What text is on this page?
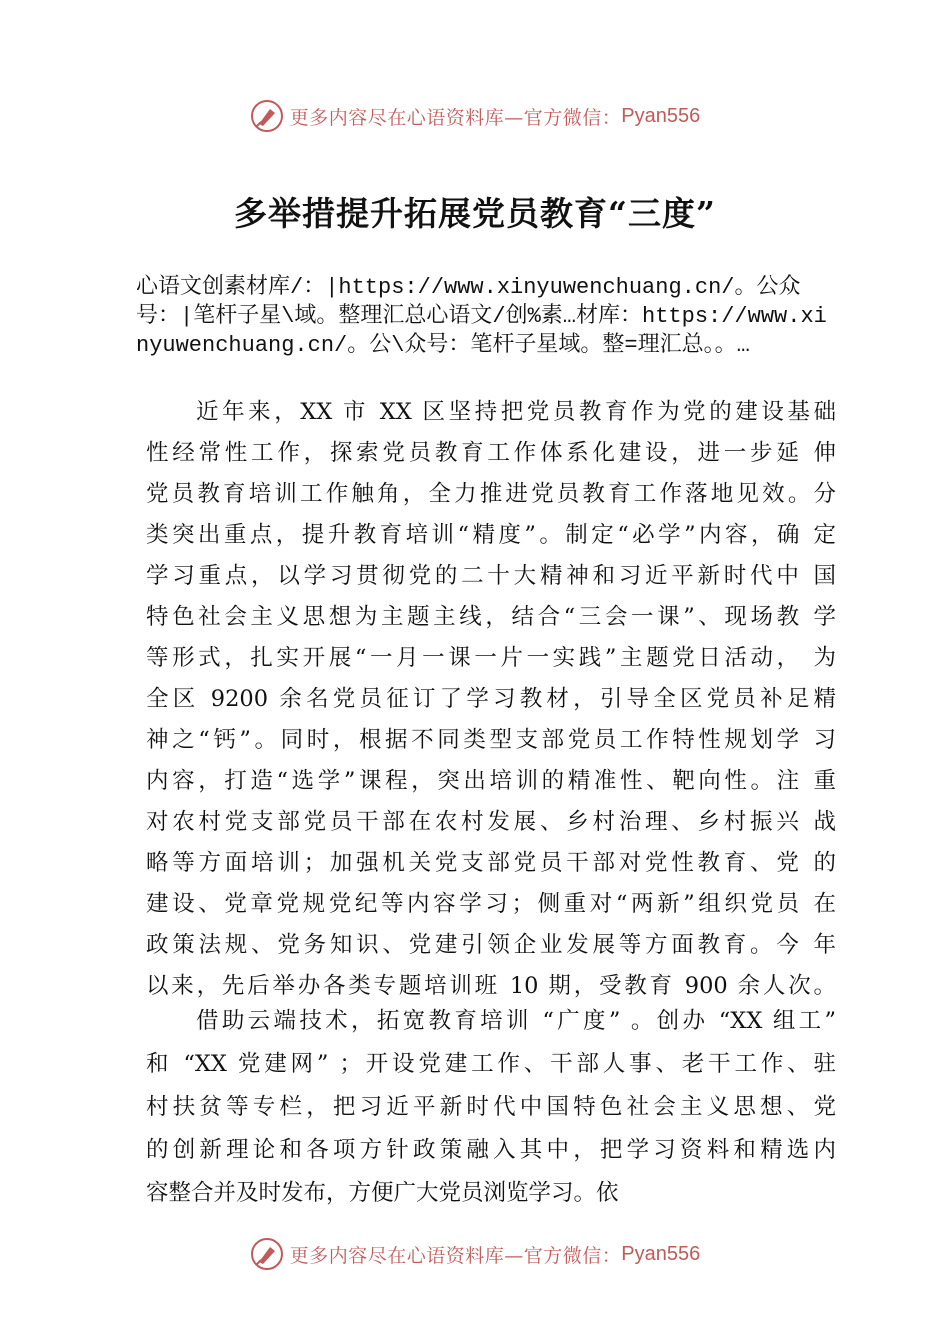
更多内容尽在心语资料库—官方微信： Pyan556
多举措提升拓展党员教育“三度”
心语文创素材库/：|https://www.xinyuwenchuang.cn/。公众号：|笔杆子星\域。整理汇总心语文/创%素…材库：https://www.xinyuwenchuang.cn/。公\众号：笔杆子星域。整=理汇总。。…
近年来，XX 市 XX 区坚持把党员教育作为党的建设基础
性经常性工作，探索党员教育工作体系化建设，进一步延 伸
党员教育培训工作触角，全力推进党员教育工作落地见效。分
类突出重点，提升教育培训“精度”。制定“必学”内容，确 定
学习重点，以学习贯彻党的二十大精神和习近平新时代中 国
特色社会主义思想为主题主线，结合“三会一课”、现场教 学
等形式，扎实开展“一月一课一片一实践”主题党日活动， 为
全区 9200 余名党员征订了学习教材，引导全区党员补足精
神之“钙”。同时，根据不同类型支部党员工作特性规划学 习
内容，打造“选学”课程，突出培训的精准性、靶向性。注 重
对农村党支部党员干部在农村发展、乡村治理、乡村振兴 战
略等方面培训；加强机关党支部党员干部对党性教育、党 的
建设、党章党规党纪等内容学习；侧重对“两新”组织党员 在
政策法规、党务知识、党建引领企业发展等方面教育。今 年
以来，先后举办各类专题培训班 10 期，受教育 900 余人次。
借助云端技术，拓宽教育培训 “广度” 。创办 “XX 组工”
和 “XX 党建网” ；开设党建工作、干部人事、老干工作、驻
村扶贫等专栏，把习近平新时代中国特色社会主义思想、党
的创新理论和各项方针政策融入其中，把学习资料和精选内
容整合并及时发布，方便广大党员浏览学习。依
更多内容尽在心语资料库—官方微信： Pyan556
